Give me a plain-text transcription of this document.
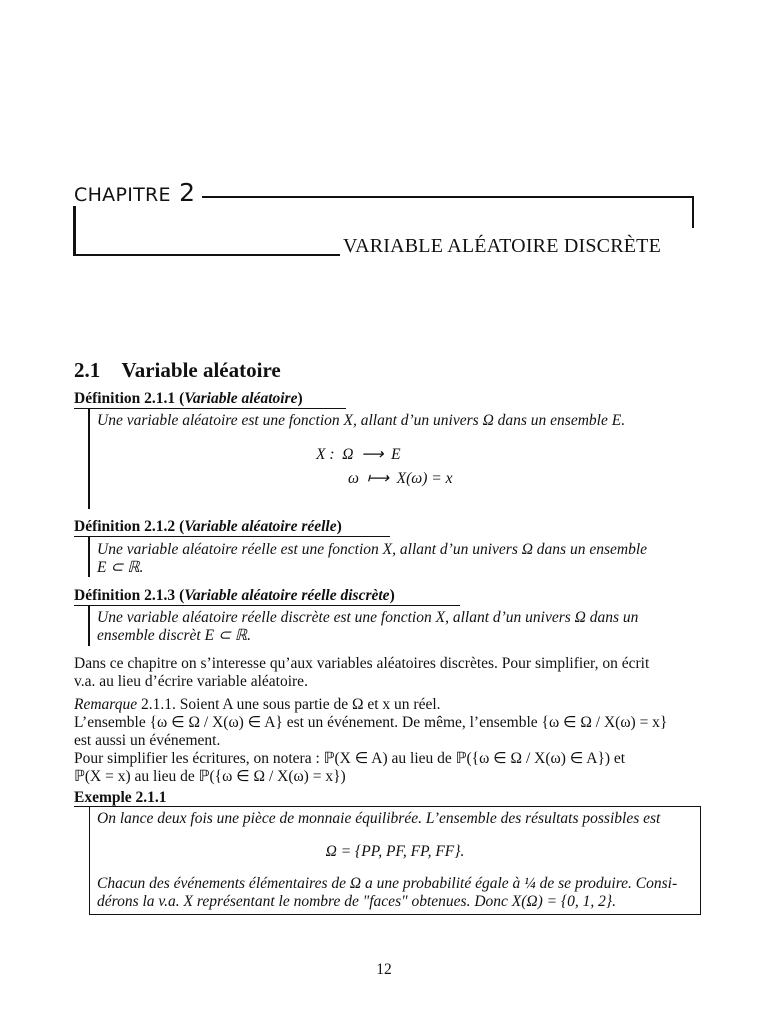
CHAPITRE 2
VARIABLE ALÉATOIRE DISCRÈTE
2.1 Variable aléatoire
Définition 2.1.1 (Variable aléatoire)
Une variable aléatoire est une fonction X, allant d’un univers Ω dans un ensemble E.
X :  Ω  ⟶  E
ω  ⟼  X(ω) = x
Définition 2.1.2 (Variable aléatoire réelle)
Une variable aléatoire réelle est une fonction X, allant d’un univers Ω dans un ensemble
E ⊂ ℝ.
Définition 2.1.3 (Variable aléatoire réelle discrète)
Une variable aléatoire réelle discrète est une fonction X, allant d’un univers Ω dans un
ensemble discrèt E ⊂ ℝ.
Dans ce chapitre on s’interesse qu’aux variables aléatoires discrètes. Pour simplifier, on écrit
v.a. au lieu d’écrire variable aléatoire.
Remarque 2.1.1. Soient A une sous partie de Ω et x un réel.
L’ensemble {ω ∈ Ω / X(ω) ∈ A} est un événement. De même, l’ensemble {ω ∈ Ω / X(ω) = x}
est aussi un événement.
Pour simplifier les écritures, on notera : ℙ(X ∈ A) au lieu de ℙ({ω ∈ Ω / X(ω) ∈ A}) et
ℙ(X = x) au lieu de ℙ({ω ∈ Ω / X(ω) = x})
Exemple 2.1.1
On lance deux fois une pièce de monnaie équilibrée. L’ensemble des résultats possibles est
Ω = {PP, PF, FP, FF}.
Chacun des événements élémentaires de Ω a une probabilité égale à ¼ de se produire. Consi-
dérons la v.a. X représentant le nombre de "faces" obtenues. Donc X(Ω) = {0, 1, 2}.
12
